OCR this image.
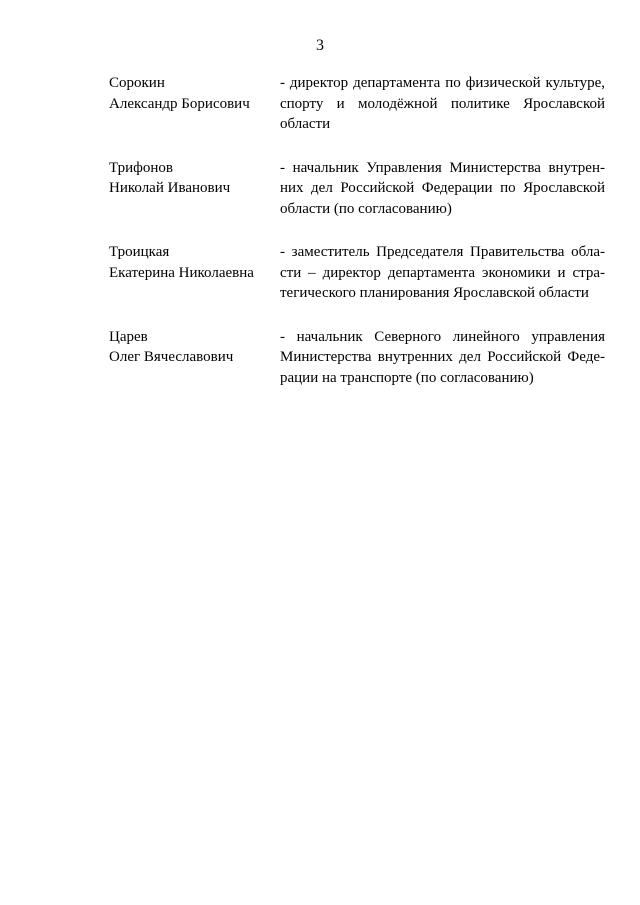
3
Сорокин
Александр Борисович
- директор департамента по физической культуре, спорту и молодёжной политике Ярославской области
Трифонов
Николай Иванович
- начальник Управления Министерства внутренних дел Российской Федерации по Ярославской области (по согласованию)
Троицкая
Екатерина Николаевна
- заместитель Председателя Правительства области – директор департамента экономики и стратегического планирования Ярославской области
Царев
Олег Вячеславович
- начальник Северного линейного управления Министерства внутренних дел Российской Федерации на транспорте (по согласованию)
